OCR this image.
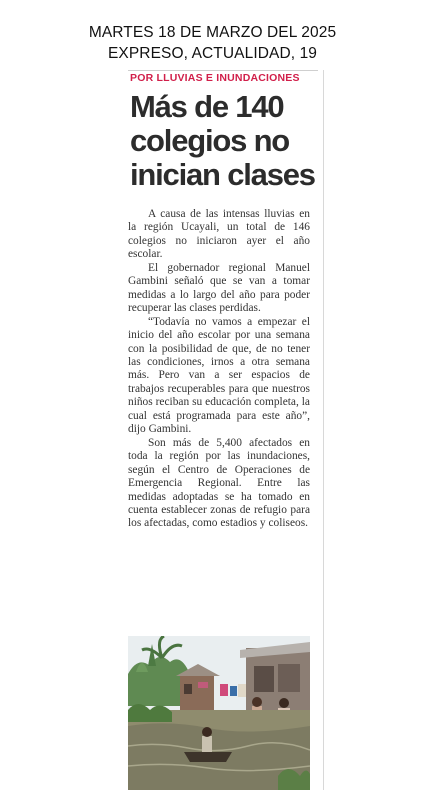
MARTES 18 DE MARZO DEL 2025
EXPRESO, ACTUALIDAD, 19
POR LLUVIAS E INUNDACIONES
Más de 140
colegios no
inician clases

A causa de las intensas lluvias en la región Ucayali, un total de 146 colegios no iniciaron ayer el año escolar.

El gobernador regional Manuel Gambini señaló que se van a tomar medidas a lo largo del año para poder recuperar las clases perdidas.

“Todavía no vamos a empezar el inicio del año escolar por una semana con la posibilidad de que, de no tener las condiciones, irnos a otra semana más. Pero van a ser espacios de trabajos recuperables para que nuestros niños reciban su educación completa, la cual está programada para este año”, dijo Gambini.

Son más de 5,400 afectados en toda la región por las inundaciones, según el Centro de Operaciones de Emergencia Regional. Entre las medidas adoptadas se ha tomado en cuenta establecer zonas de refugio para los afectadas, como estadios y coliseos.
